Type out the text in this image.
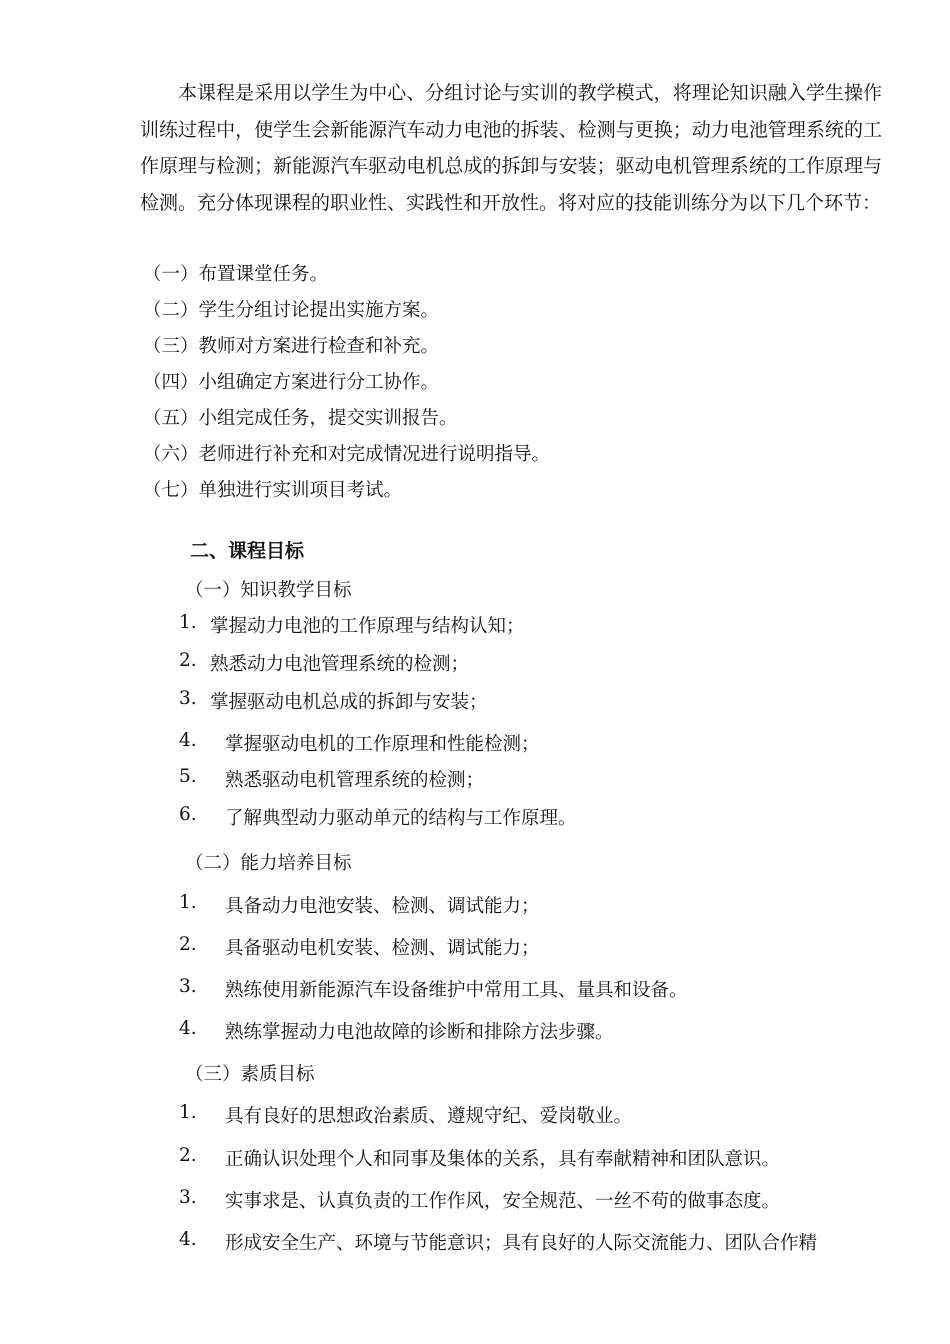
本课程是采用以学生为中心、分组讨论与实训的教学模式，将理论知识融入学生操作训练过程中，使学生会新能源汽车动力电池的拆装、检测与更换；动力电池管理系统的工作原理与检测；新能源汽车驱动电机总成的拆卸与安装；驱动电机管理系统的工作原理与检测。充分体现课程的职业性、实践性和开放性。将对应的技能训练分为以下几个环节：

（一）布置课堂任务。
（二）学生分组讨论提出实施方案。
（三）教师对方案进行检查和补充。
（四）小组确定方案进行分工协作。
（五）小组完成任务，提交实训报告。
（六）老师进行补充和对完成情况进行说明指导。
（七）单独进行实训项目考试。
二、课程目标
（一）知识教学目标
1. 掌握动力电池的工作原理与结构认知；
2. 熟悉动力电池管理系统的检测；
3. 掌握驱动电机总成的拆卸与安装；
4. 掌握驱动电机的工作原理和性能检测；
5. 熟悉驱动电机管理系统的检测；
6. 了解典型动力驱动单元的结构与工作原理。
（二）能力培养目标
1. 具备动力电池安装、检测、调试能力；
2. 具备驱动电机安装、检测、调试能力；
3. 熟练使用新能源汽车设备维护中常用工具、量具和设备。
4. 熟练掌握动力电池故障的诊断和排除方法步骤。
（三）素质目标
1. 具有良好的思想政治素质、遵规守纪、爱岗敬业。
2. 正确认识处理个人和同事及集体的关系，具有奉献精神和团队意识。
3. 实事求是、认真负责的工作作风，安全规范、一丝不苟的做事态度。
4. 形成安全生产、环境与节能意识；具有良好的人际交流能力、团队合作精
